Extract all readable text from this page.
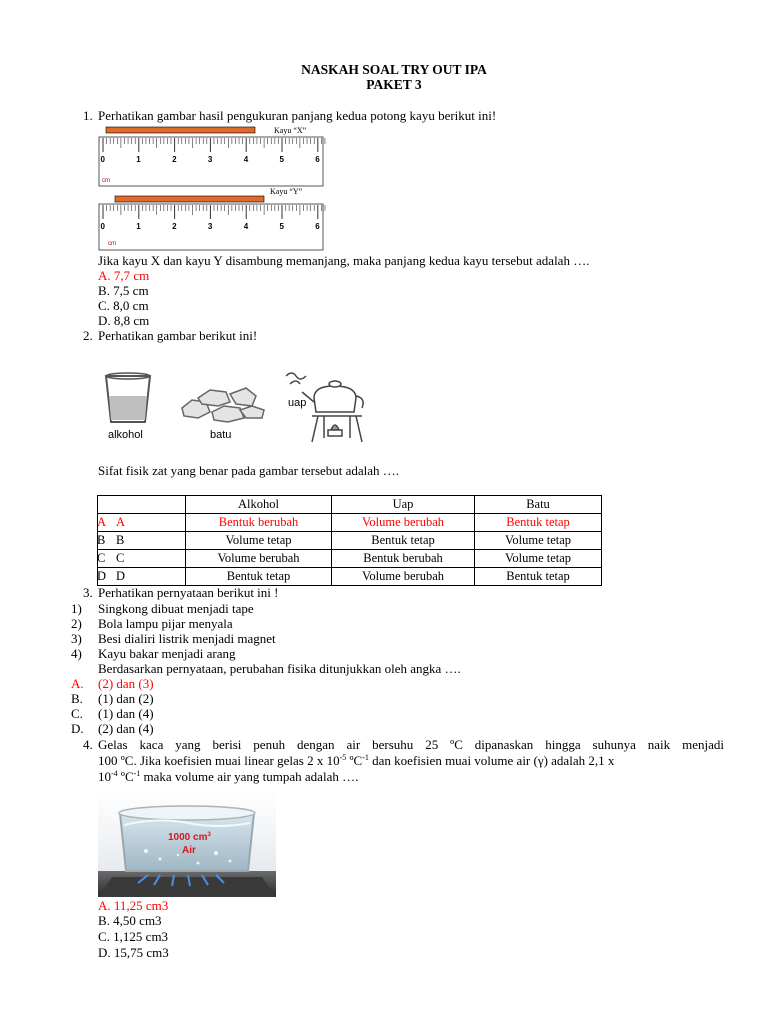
NASKAH SOAL TRY OUT IPA
PAKET 3
1. Perhatikan gambar hasil pengukuran panjang kedua potong kayu berikut ini!
Kayu “X”
0	1	2	3	4	5	6
cm
Kayu “Y”
0	1	2	3	4	5	6
cm
Jika kayu X dan kayu Y disambung memanjang, maka panjang kedua kayu tersebut adalah ….
A. 7,7 cm
B. 7,5 cm
C. 8,0 cm
D. 8,8 cm
2. Perhatikan gambar berikut ini!
alkohol	batu
uap
Sifat fisik zat yang benar pada gambar tersebut adalah ….
	Alkohol	Uap	Batu

A A	Bentuk berubah	Volume berubah	Bentuk tetap

B B	Volume tetap	Bentuk tetap	Volume tetap

C C	Volume berubah	Bentuk berubah	Volume tetap

D D	Bentuk tetap	Volume berubah	Bentuk tetap
3. Perhatikan pernyataan berikut ini !
1) Singkong dibuat menjadi tape
2) Bola lampu pijar menyala
3) Besi dialiri listrik menjadi magnet
4) Kayu bakar menjadi arang
Berdasarkan pernyataan, perubahan fisika ditunjukkan oleh angka ….
A. (2) dan (3)
B. (1) dan (2)
C. (1) dan (4)
D. (2) dan (4)
4. Gelas kaca yang berisi penuh dengan air bersuhu 25 ºC dipanaskan hingga suhunya naik menjadi
100 ºC. Jika koefisien muai linear gelas 2 x $10^{-5}$ ºC$^{-1}$ dan koefisien muai volume air (γ) adalah 2,1 x
$10^{-4}$ ºC$^{-1}$ maka volume air yang tumpah adalah ….
1000 $cm^3$
Air
A. 11,25 cm3
B. 4,50 cm3
C. 1,125 cm3
D. 15,75 cm3
